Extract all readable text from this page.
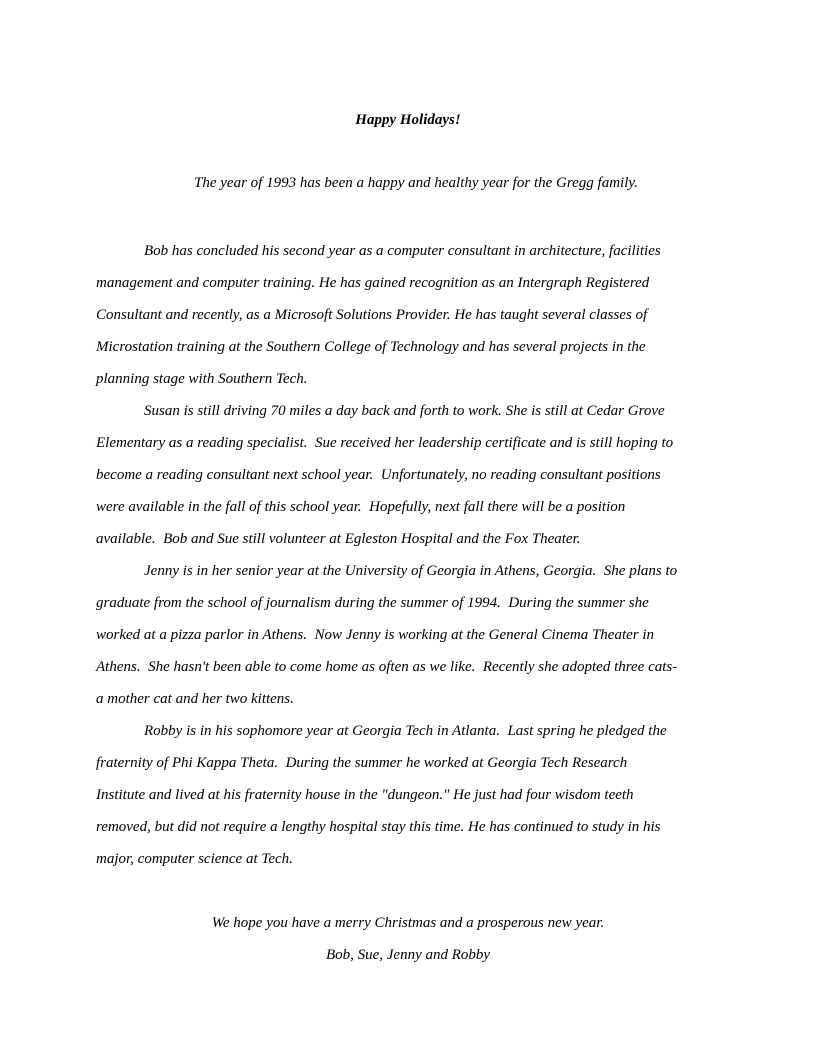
Happy Holidays!

The year of 1993 has been a happy and healthy year for the Gregg family.

Bob has concluded his second year as a computer consultant in architecture, facilities
management and computer training. He has gained recognition as an Intergraph Registered
Consultant and recently, as a Microsoft Solutions Provider. He has taught several classes of
Microstation training at the Southern College of Technology and has several projects in the
planning stage with Southern Tech.
Susan is still driving 70 miles a day back and forth to work. She is still at Cedar Grove
Elementary as a reading specialist.  Sue received her leadership certificate and is still hoping to
become a reading consultant next school year.  Unfortunately, no reading consultant positions
were available in the fall of this school year.  Hopefully, next fall there will be a position
available.  Bob and Sue still volunteer at Egleston Hospital and the Fox Theater.
Jenny is in her senior year at the University of Georgia in Athens, Georgia.  She plans to
graduate from the school of journalism during the summer of 1994.  During the summer she
worked at a pizza parlor in Athens.  Now Jenny is working at the General Cinema Theater in
Athens.  She hasn't been able to come home as often as we like.  Recently she adopted three cats-
a mother cat and her two kittens.
Robby is in his sophomore year at Georgia Tech in Atlanta.  Last spring he pledged the
fraternity of Phi Kappa Theta.  During the summer he worked at Georgia Tech Research
Institute and lived at his fraternity house in the "dungeon." He just had four wisdom teeth
removed, but did not require a lengthy hospital stay this time. He has continued to study in his
major, computer science at Tech.
We hope you have a merry Christmas and a prosperous new year.
Bob, Sue, Jenny and Robby
